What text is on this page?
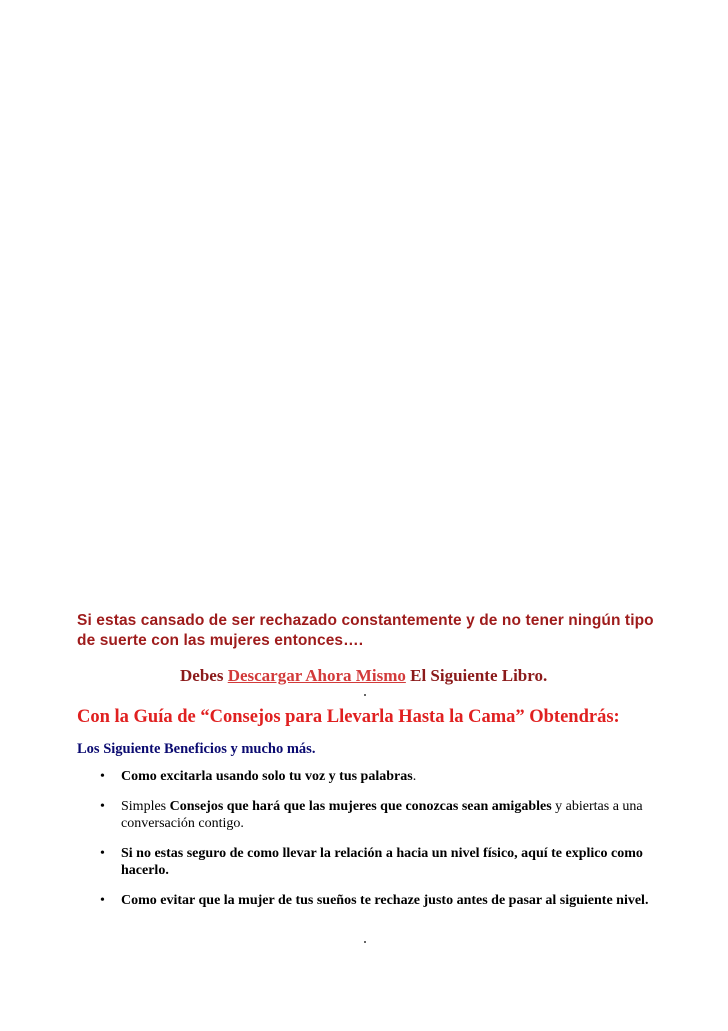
Si estas cansado de ser rechazado constantemente y de no tener ningún tipo de suerte con las mujeres entonces….
Debes Descargar Ahora Mismo El Siguiente Libro.
Con la Guía de “Consejos para Llevarla Hasta la Cama” Obtendrás:
Los Siguiente Beneficios y mucho más.
• Como excitarla usando solo tu voz y tus palabras.
• Simples Consejos que hará que las mujeres que conozcas sean amigables y abiertas a una conversación contigo.
• Si no estas seguro de como llevar la relación a hacia un nivel físico, aquí te explico como hacerlo.
• Como evitar que la mujer de tus sueños te rechaze justo antes de pasar al siguiente nivel.
